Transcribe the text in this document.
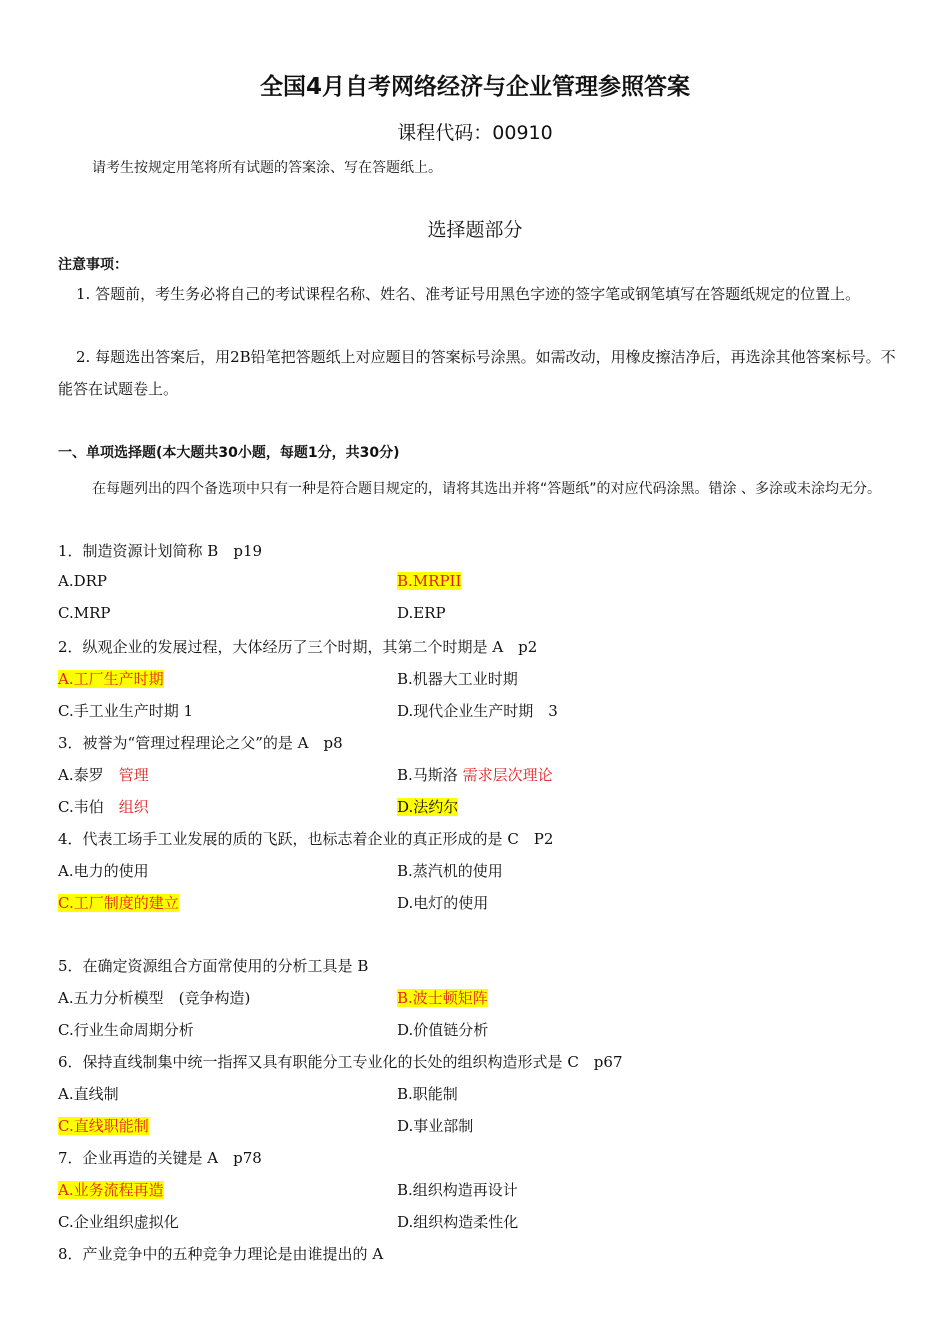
全国4月自考网络经济与企业管理参照答案
课程代码：00910
请考生按规定用笔将所有试题的答案涂、写在答题纸上。
选择题部分
注意事项：
1. 答题前，考生务必将自己的考试课程名称、姓名、准考证号用黑色字迹的签字笔或钢笔填写在答题纸规定的位置上。
2. 每题选出答案后，用2B铅笔把答题纸上对应题目的答案标号涂黑。如需改动，用橡皮擦洁净后，再选涂其他答案标号。不能答在试题卷上。
一、单项选择题(本大题共30小题，每题1分，共30分)
在每题列出的四个备选项中只有一种是符合题目规定的，请将其选出并将“答题纸”的对应代码涂黑。错涂 、多涂或未涂均无分。
1．制造资源计划简称 B　p19
A.DRP	B.MRPII
C.MRP	D.ERP
2．纵观企业的发展过程，大体经历了三个时期，其第二个时期是 A　p2
A.工厂生产时期	B.机器大工业时期
C.手工业生产时期 1	D.现代企业生产时期　3
3．被誉为“管理过程理论之父”的是 A　p8
A.泰罗　 管理	B.马斯洛 需求层次理论
C.韦伯　 组织	D.法约尔
4．代表工场手工业发展的质的飞跃，也标志着企业的真正形成的是 C　P2
A.电力的使用	B.蒸汽机的使用
C.工厂制度的建立	D.电灯的使用
5．在确定资源组合方面常使用的分析工具是 B
A.五力分析模型　(竞争构造)	B.波士顿矩阵
C.行业生命周期分析	D.价值链分析
6．保持直线制集中统一指挥又具有职能分工专业化的长处的组织构造形式是 C　p67
A.直线制	B.职能制
C.直线职能制	D.事业部制
7．企业再造的关键是 A　p78
A.业务流程再造	B.组织构造再设计
C.企业组织虚拟化	D.组织构造柔性化
8．产业竞争中的五种竞争力理论是由谁提出的 A
